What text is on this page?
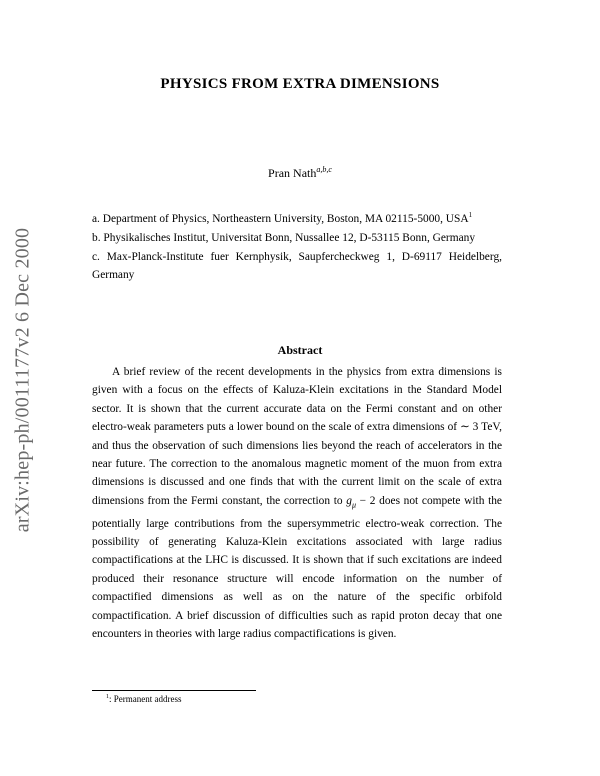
arXiv:hep-ph/0011177v2 6 Dec 2000
PHYSICS FROM EXTRA DIMENSIONS
Pran Nath$^{a,b,c}$

a. Department of Physics, Northeastern University, Boston, MA 02115-5000, USA$^1$

b. Physikalisches Institut, Universitat Bonn, Nussallee 12, D-53115 Bonn, Germany

c. Max-Planck-Institute fuer Kernphysik, Saupfercheckweg 1, D-69117 Heidelberg, Germany

Abstract

A brief review of the recent developments in the physics from extra dimensions is given with a focus on the effects of Kaluza-Klein excitations in the Standard Model sector. It is shown that the current accurate data on the Fermi constant and on other electro-weak parameters puts a lower bound on the scale of extra dimensions of ∼ 3 TeV, and thus the observation of such dimensions lies beyond the reach of accelerators in the near future. The correction to the anomalous magnetic moment of the muon from extra dimensions is discussed and one finds that with the current limit on the scale of extra dimensions from the Fermi constant, the correction to $g_\mu - 2$ does not compete with the potentially large contributions from the supersymmetric electro-weak correction. The possibility of generating Kaluza-Klein excitations associated with large radius compactifications at the LHC is discussed. It is shown that if such excitations are indeed produced their resonance structure will encode information on the number of compactified dimensions as well as on the nature of the specific orbifold compactification. A brief discussion of difficulties such as rapid proton decay that one encounters in theories with large radius compactifications is given.

$^1$: Permanent address
